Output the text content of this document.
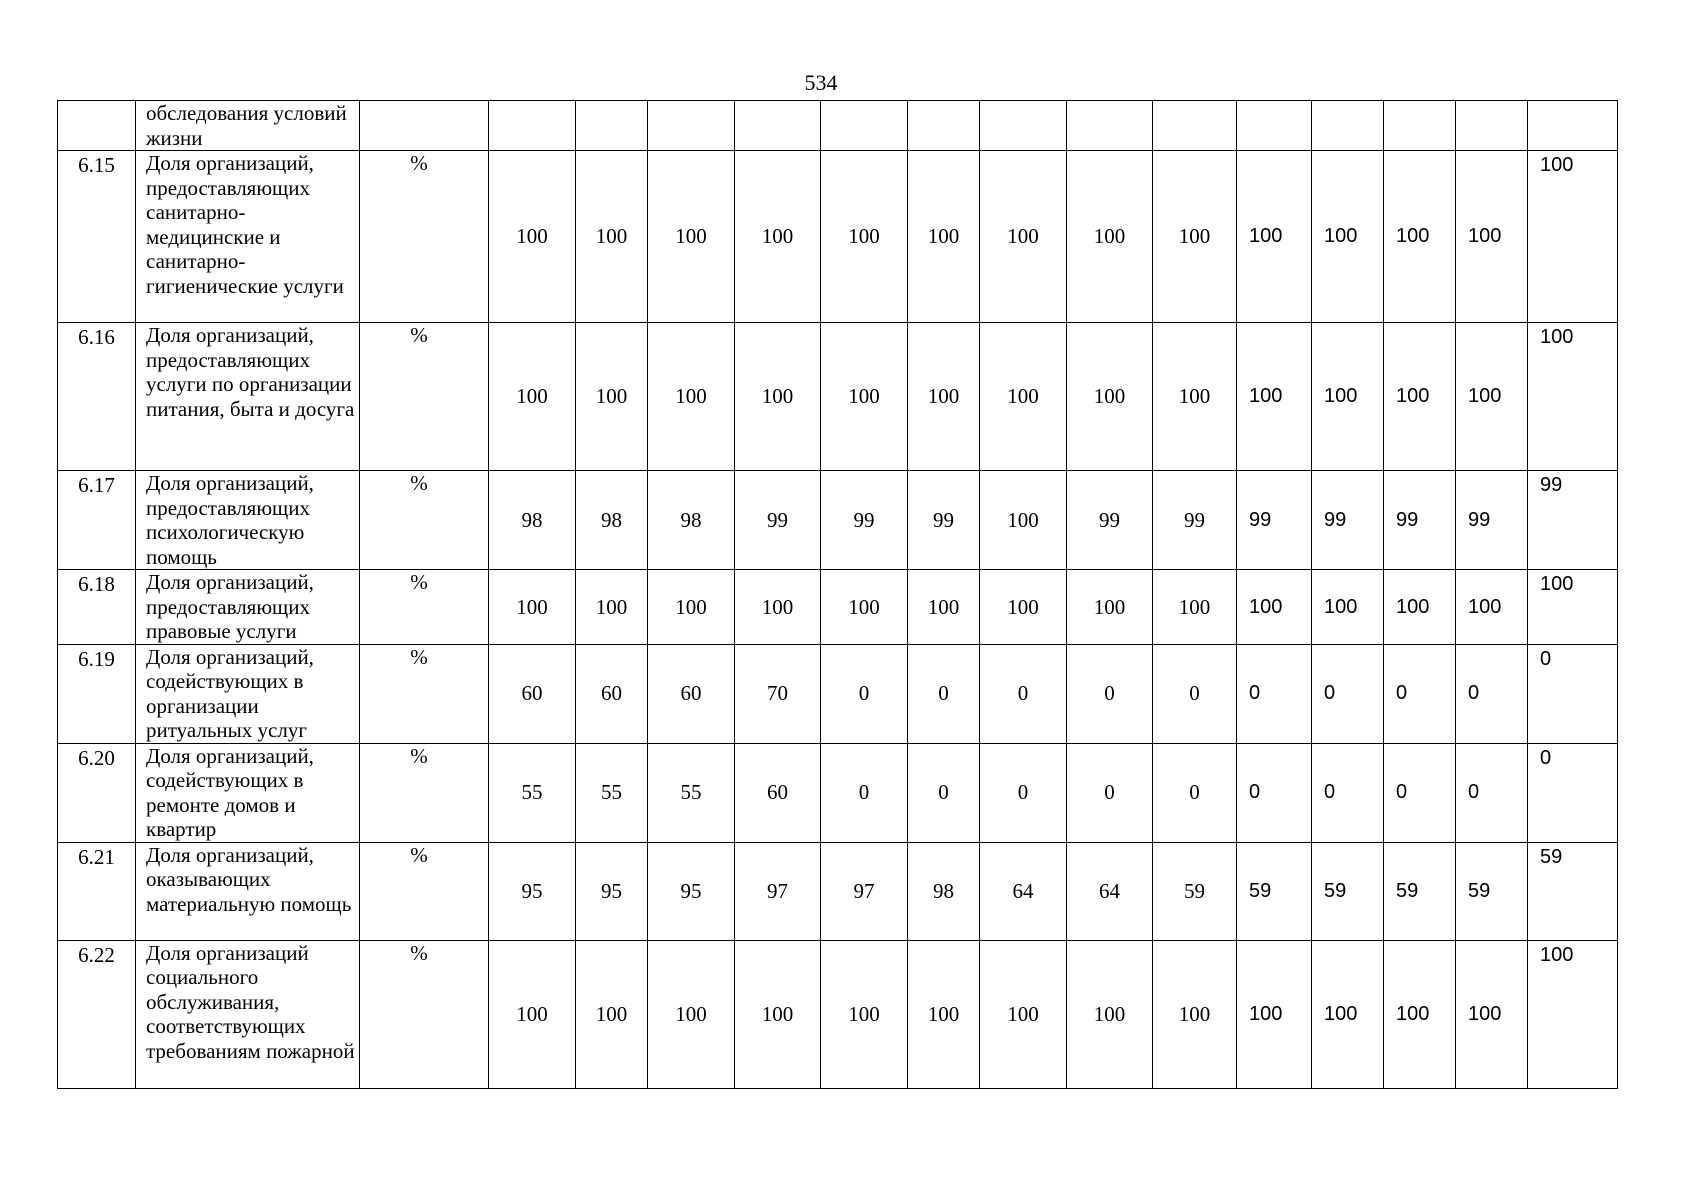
534

	обследования условий жизни															

6.15	Доля организаций, предоставляющих санитарно-медицинские и санитарно-гигиенические услуги	%	100	100	100	100	100	100	100	100	100	100	100	100	100	100
6.16	Доля организаций, предоставляющих услуги по организации питания, быта и досуга	%	100	100	100	100	100	100	100	100	100	100	100	100	100	100
6.17	Доля организаций, предоставляющих психологическую помощь	%	98	98	98	99	99	99	100	99	99	99	99	99	99	99
6.18	Доля организаций, предоставляющих правовые услуги	%	100	100	100	100	100	100	100	100	100	100	100	100	100	100
6.19	Доля организаций, содействующих в организации ритуальных услуг	%	60	60	60	70	0	0	0	0	0	0	0	0	0	0
6.20	Доля организаций, содействующих в ремонте домов и квартир	%	55	55	55	60	0	0	0	0	0	0	0	0	0	0
6.21	Доля организаций, оказывающих материальную помощь	%	95	95	95	97	97	98	64	64	59	59	59	59	59	59
6.22	Доля организаций социального обслуживания, соответствующих требованиям пожарной	%	100	100	100	100	100	100	100	100	100	100	100	100	100	100
